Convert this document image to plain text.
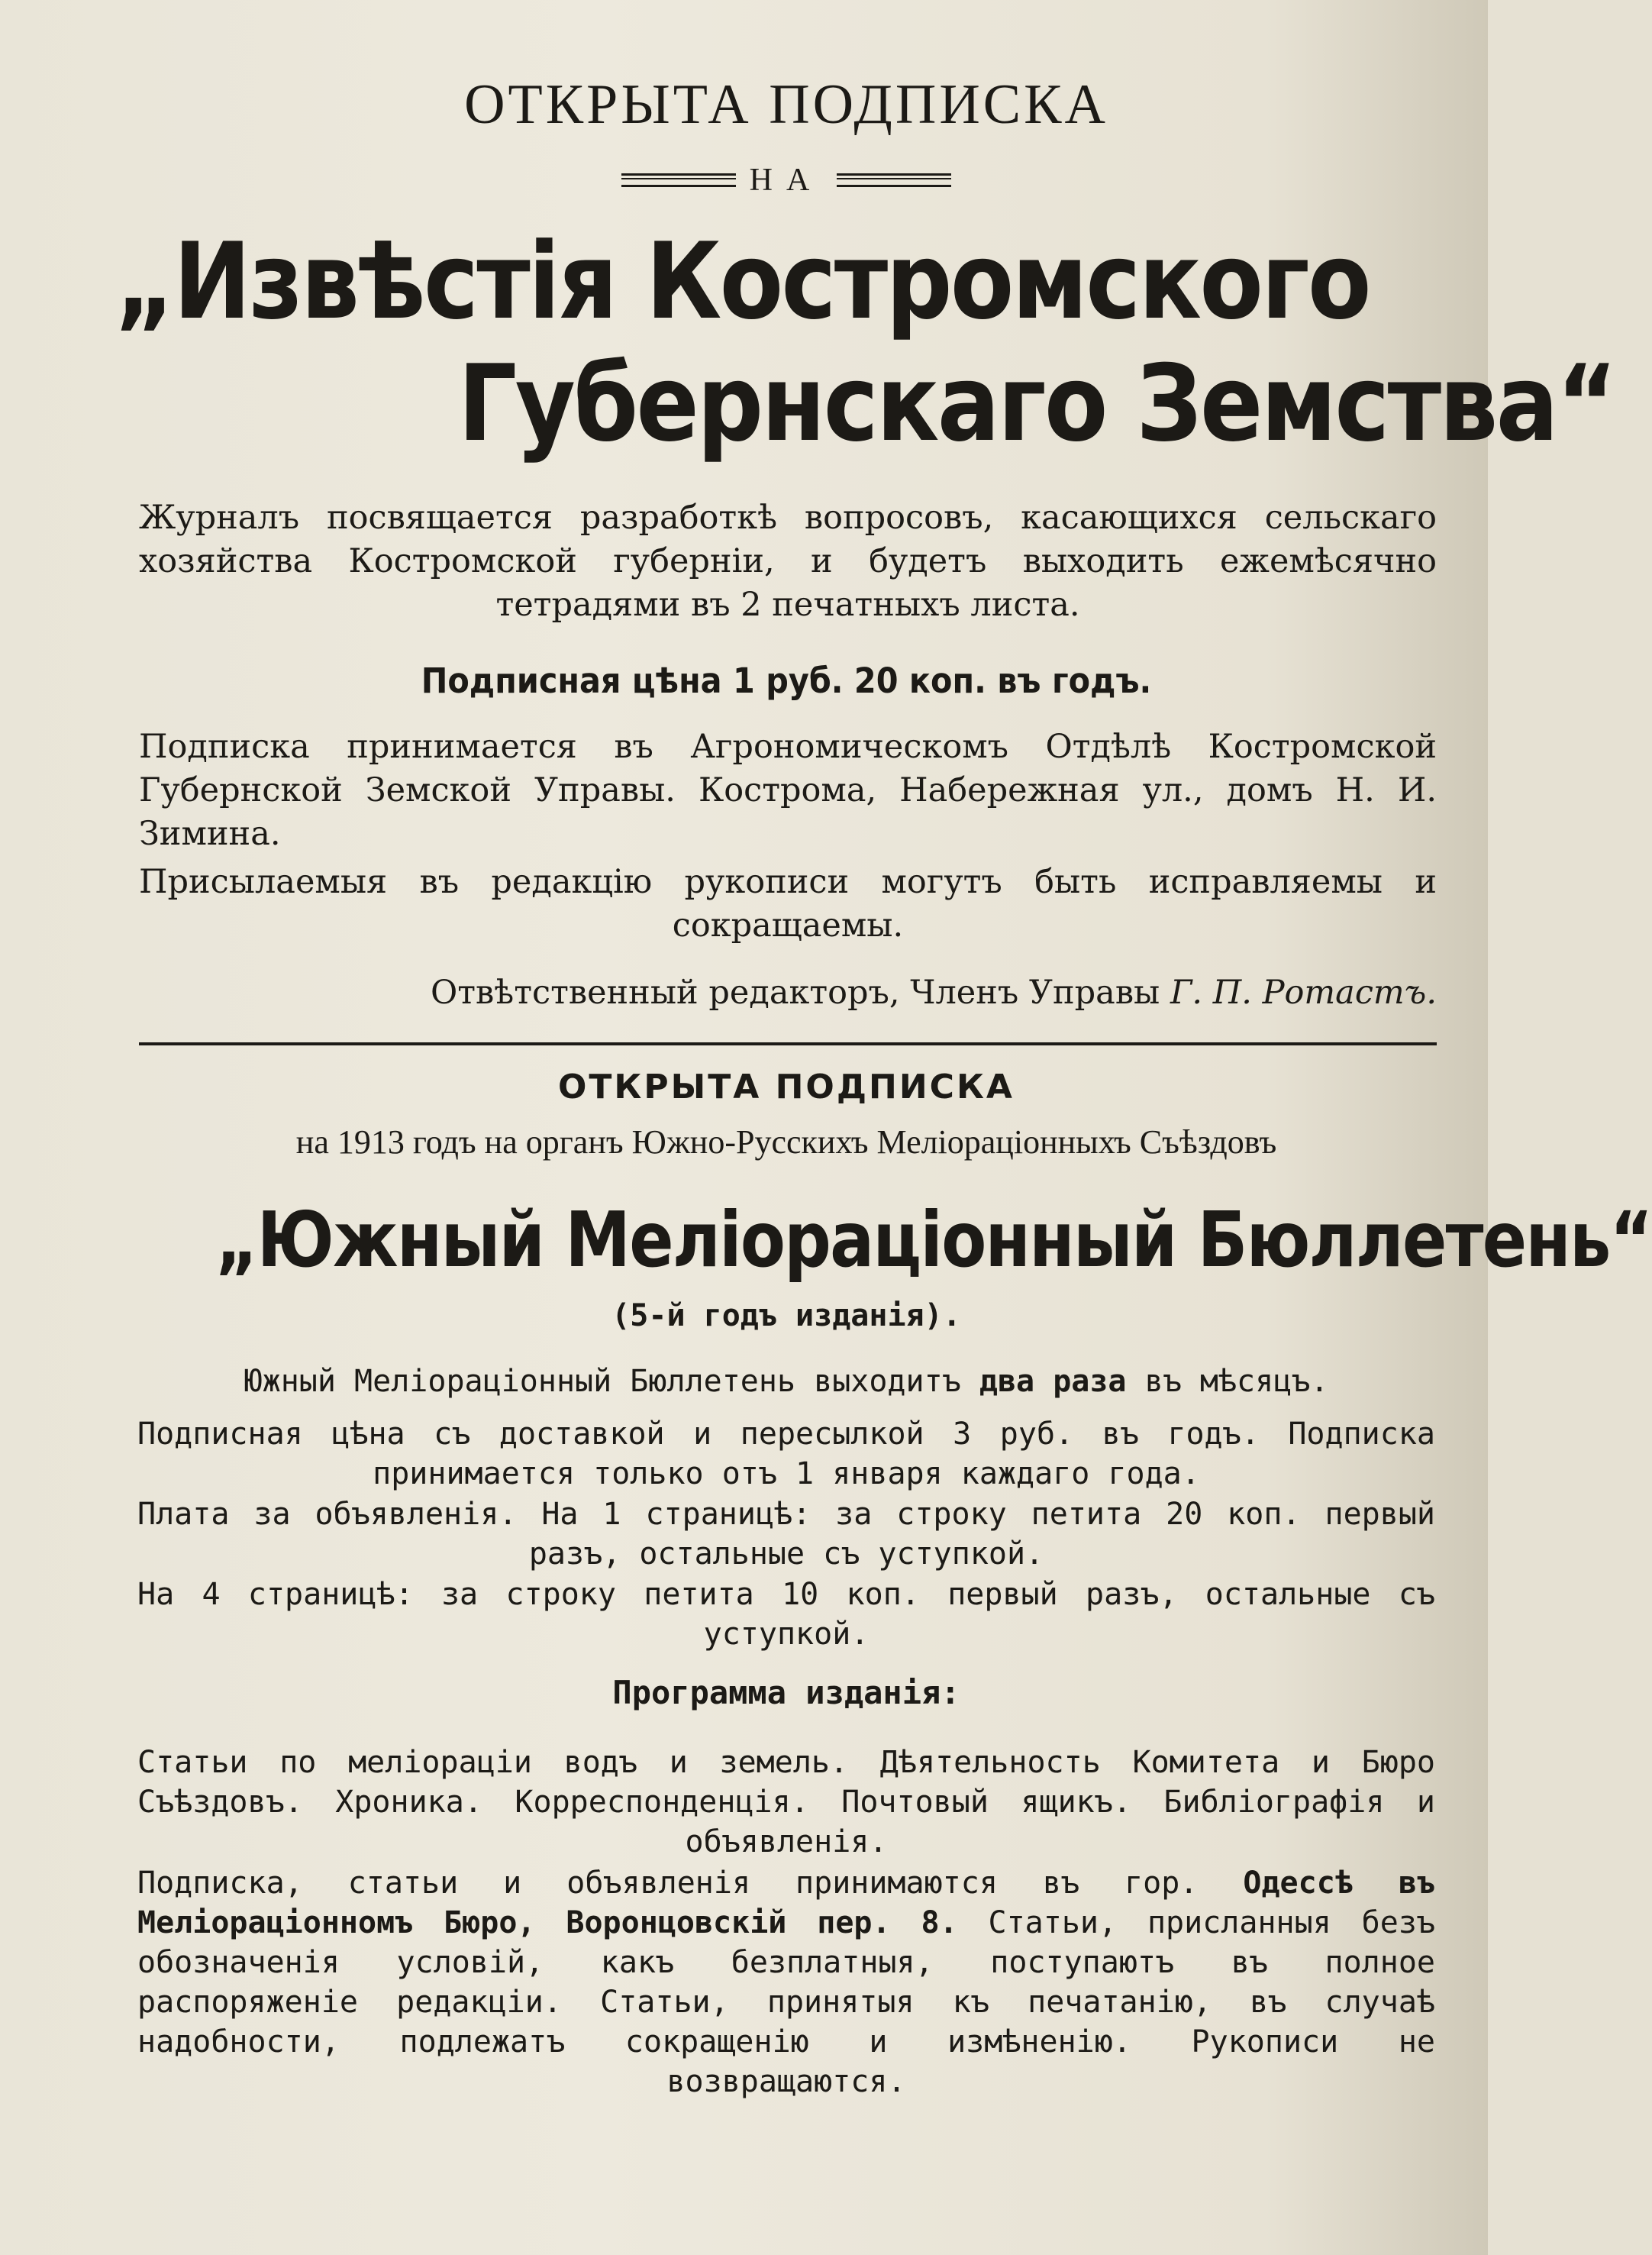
ОТКРЫТА ПОДПИСКА
НА
„Извѣстія Костромского
Губернскаго Земства“
Журналъ посвящается разработкѣ вопросовъ, касающихся сельскаго хозяйства Костромской губерніи, и будетъ выходить ежемѣсячно тетрадями въ 2 печатныхъ листа.
Подписная цѣна 1 руб. 20 коп. въ годъ.
Подписка принимается въ Агрономическомъ Отдѣлѣ Костромской Губернской Земской Управы. Кострома, Набережная ул., домъ Н. И. Зимина.
Присылаемыя въ редакцію рукописи могутъ быть исправляемы и сокращаемы.
Отвѣтственный редакторъ, Членъ Управы Г. П. Ротастъ.
ОТКРЫТА ПОДПИСКА
на 1913 годъ на органъ Южно-Русскихъ Меліораціонныхъ Съѣздовъ
„Южный Меліораціонный Бюллетень“
(5-й годъ изданія).
Южный Меліораціонный Бюллетень выходитъ два раза въ мѣсяцъ.
Подписная цѣна съ доставкой и пересылкой 3 руб. въ годъ. Подписка принимается только отъ 1 января каждаго года.
Плата за объявленія. На 1 страницѣ: за строку петита 20 коп. первый разъ, остальные съ уступкой.
На 4 страницѣ: за строку петита 10 коп. первый разъ, остальные съ уступкой.
Программа изданія:
Статьи по меліораціи водъ и земель. Дѣятельность Комитета и Бюро Съѣздовъ. Хроника. Корреспонденція. Почтовый ящикъ. Библіографія и объявленія.
Подписка, статьи и объявленія принимаются въ гор. Одессѣ въ Меліораціонномъ Бюро, Воронцовскій пер. 8. Статьи, присланныя безъ обозначенія условій, какъ безплатныя, поступаютъ въ полное распоряженіе редакціи. Статьи, принятыя къ печатанію, въ случаѣ надобности, подлежатъ сокращенію и измѣненію. Рукописи не возвращаются.
